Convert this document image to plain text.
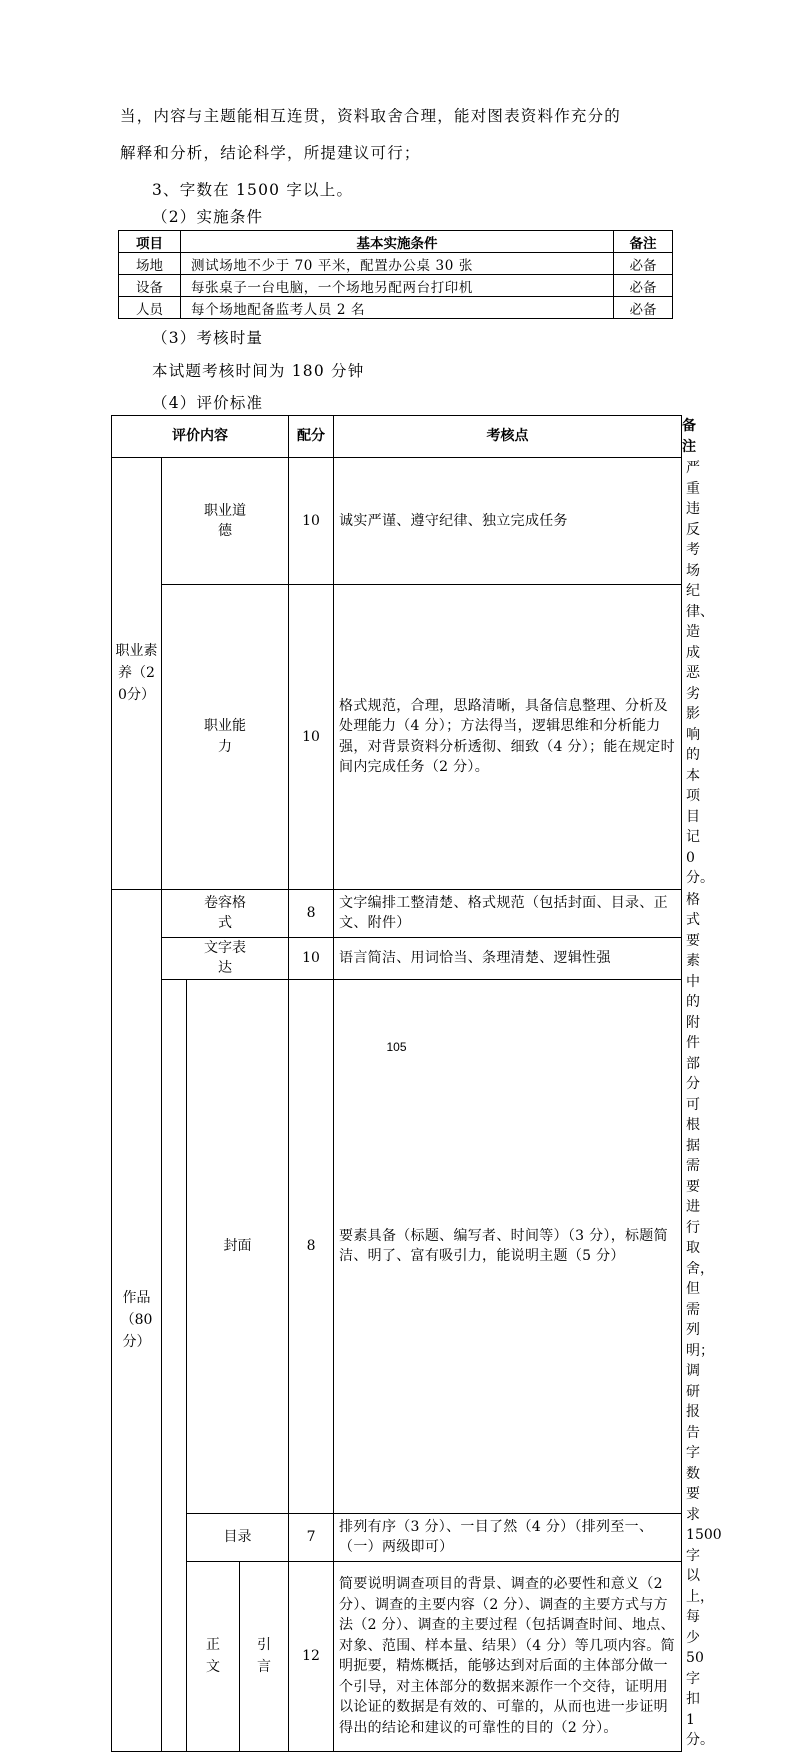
当，内容与主题能相互连贯，资料取舍合理，能对图表资料作充分的
解释和分析，结论科学，所提建议可行；
3、字数在 1500 字以上。
（2）实施条件
项目	基本实施条件	备注
场地	测试场地不少于 70 平米，配置办公桌 30 张	必备
设备	每张桌子一台电脑，一个场地另配两台打印机	必备
人员	每个场地配备监考人员 2 名	必备
（3）考核时量
本试题考核时间为 180 分钟
（4）评价标准
评价内容				配分	考核点	备注

职业素养（20分）	职业道德			10	诚实严谨、遵守纪律、独立完成任务	严重违反考场纪律、造成恶劣影响的本项目记 0 分。

	职业能力			10	格式规范，合理，思路清晰，具备信息整理、分析及处理能力（4 分）；方法得当，逻辑思维和分析能力强，对背景资料分析透彻、细致（4 分）；能在规定时间内完成任务（2 分）。	

作品（80分）	卷容格式			8	文字编排工整清楚、格式规范（包括封面、目录、正文、附件）	格式要素中的附件部分可根据需要进行取舍，但需列明；调研报告字数要求 1500 字以上，每少 50 字扣 1 分。

	文字表达			10	语言简洁、用词恰当、条理清楚、逻辑性强	
		封面		8	要素具备（标题、编写者、时间等）（3 分），标题简洁、明了、富有吸引力，能说明主题（5 分）	
		目录		7	排列有序（3 分）、一目了然（4 分）（排列至一、（一）两级即可）	

		正文	引言	12	简要说明调查项目的背景、调查的必要性和意义（2 分）、调查的主要内容（2 分）、调查的主要方式与方法（2 分）、调查的主要过程（包括调查时间、地点、对象、范围、样本量、结果）（4 分）等几项内容。简明扼要，精炼概括，能够达到对后面的主体部分做一个引导，对主体部分的数据来源作一个交待，证明用以论证的数据是有效的、可靠的，从而也进一步证明得出的结论和建议的可靠性的目的（2 分）。	
105
